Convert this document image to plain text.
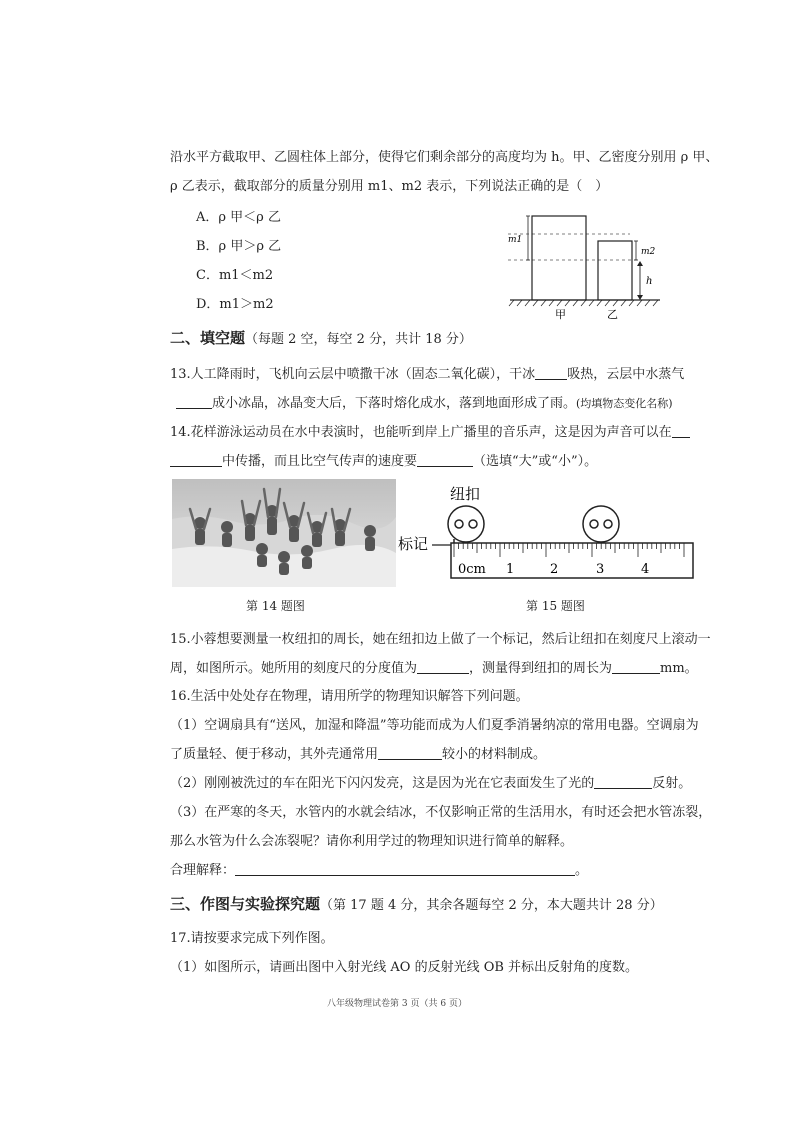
沿水平方截取甲、乙圆柱体上部分，使得它们剩余部分的高度均为 h。甲、乙密度分别用 ρ 甲、
ρ 乙表示，截取部分的质量分别用 m1、m2 表示，下列说法正确的是（　）
A．ρ 甲＜ρ 乙
B．ρ 甲＞ρ 乙
C．m1＜m2
D．m1＞m2
m1
m2
h
甲	乙
二、填空题（每题 2 空，每空 2 分，共计 18 分）
13.人工降雨时，飞机向云层中喷撒干冰（固态二氧化碳），干冰 吸热，云层中水蒸气
成小冰晶，冰晶变大后，下落时熔化成水，落到地面形成了雨。(均填物态变化名称)
14.花样游泳运动员在水中表演时，也能听到岸上广播里的音乐声，这是因为声音可以在
中传播，而且比空气传声的速度要	（选填“大”或“小”）。
第 14 题图
纽扣
标记
0cm 1	2	3	4
第 15 题图
15.小蓉想要测量一枚纽扣的周长，她在纽扣边上做了一个标记，然后让纽扣在刻度尺上滚动一
周，如图所示。她所用的刻度尺的分度值为	，测量得到纽扣的周长为	mm。
16.生活中处处存在物理，请用所学的物理知识解答下列问题。
（1）空调扇具有“送风，加湿和降温”等功能而成为人们夏季消暑纳凉的常用电器。空调扇为
了质量轻、便于移动，其外壳通常用	较小的材料制成。
（2）刚刚被洗过的车在阳光下闪闪发亮，这是因为光在它表面发生了光的	反射。
（3）在严寒的冬天，水管内的水就会结冰，不仅影响正常的生活用水，有时还会把水管冻裂，
那么水管为什么会冻裂呢？请你利用学过的物理知识进行简单的解释。
合理解释：	。
三、作图与实验探究题（第 17 题 4 分，其余各题每空 2 分，本大题共计 28 分）
17.请按要求完成下列作图。
（1）如图所示，请画出图中入射光线 AO 的反射光线 OB 并标出反射角的度数。
八年级物理试卷第 3 页（共 6 页）
